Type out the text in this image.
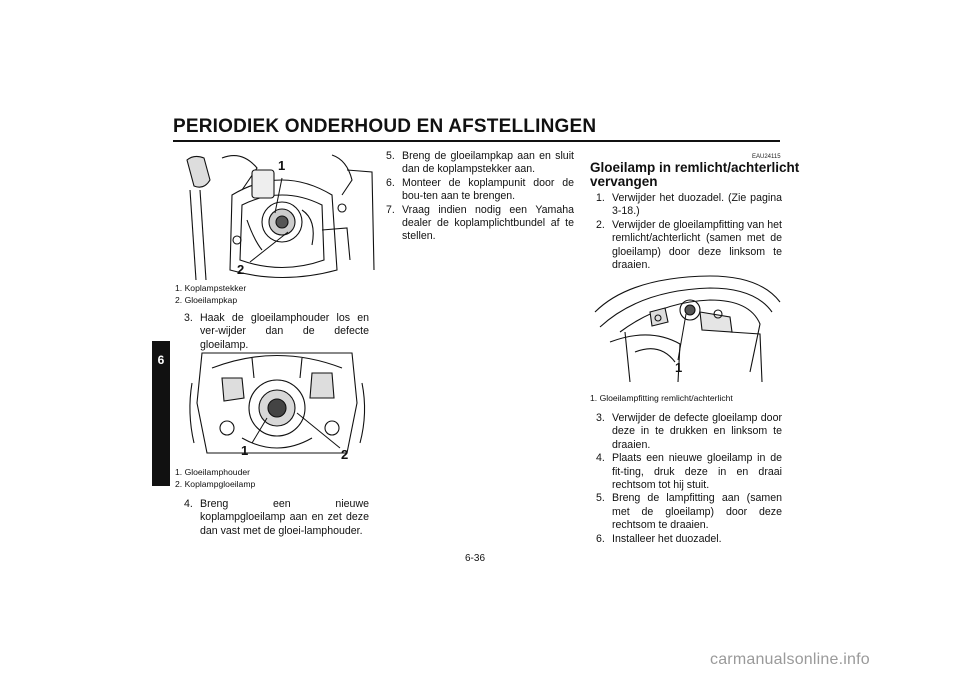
PERIODIEK ONDERHOUD EN AFSTELLINGEN
6
1
2
1. Koplampstekker
2. Gloeilampkap
3. Haak de gloeilamphouder los en ver-wijder dan de defecte gloeilamp.
1	2
1. Gloeilamphouder
2. Koplampgloeilamp
4. Breng een nieuwe koplampgloeilamp aan en zet deze dan vast met de gloei-lamphouder.
5. Breng de gloeilampkap aan en sluit dan de koplampstekker aan.
6. Monteer de koplampunit door de bou-ten aan te brengen.
7. Vraag indien nodig een Yamaha dealer de koplamplichtbundel af te stellen.
EAU24115
Gloeilamp in remlicht/achterlicht
vervangen
1. Verwijder het duozadel. (Zie pagina 3-18.)
2. Verwijder de gloeilampfitting van het remlicht/achterlicht (samen met de gloeilamp) door deze linksom te draaien.
1
1. Gloeilampfitting remlicht/achterlicht
3. Verwijder de defecte gloeilamp door deze in te drukken en linksom te draaien.
4. Plaats een nieuwe gloeilamp in de fit-ting, druk deze in en draai rechtsom tot hij stuit.
5. Breng de lampfitting aan (samen met de gloeilamp) door deze rechtsom te draaien.
6. Installeer het duozadel.
6-36
carmanualsonline.info
